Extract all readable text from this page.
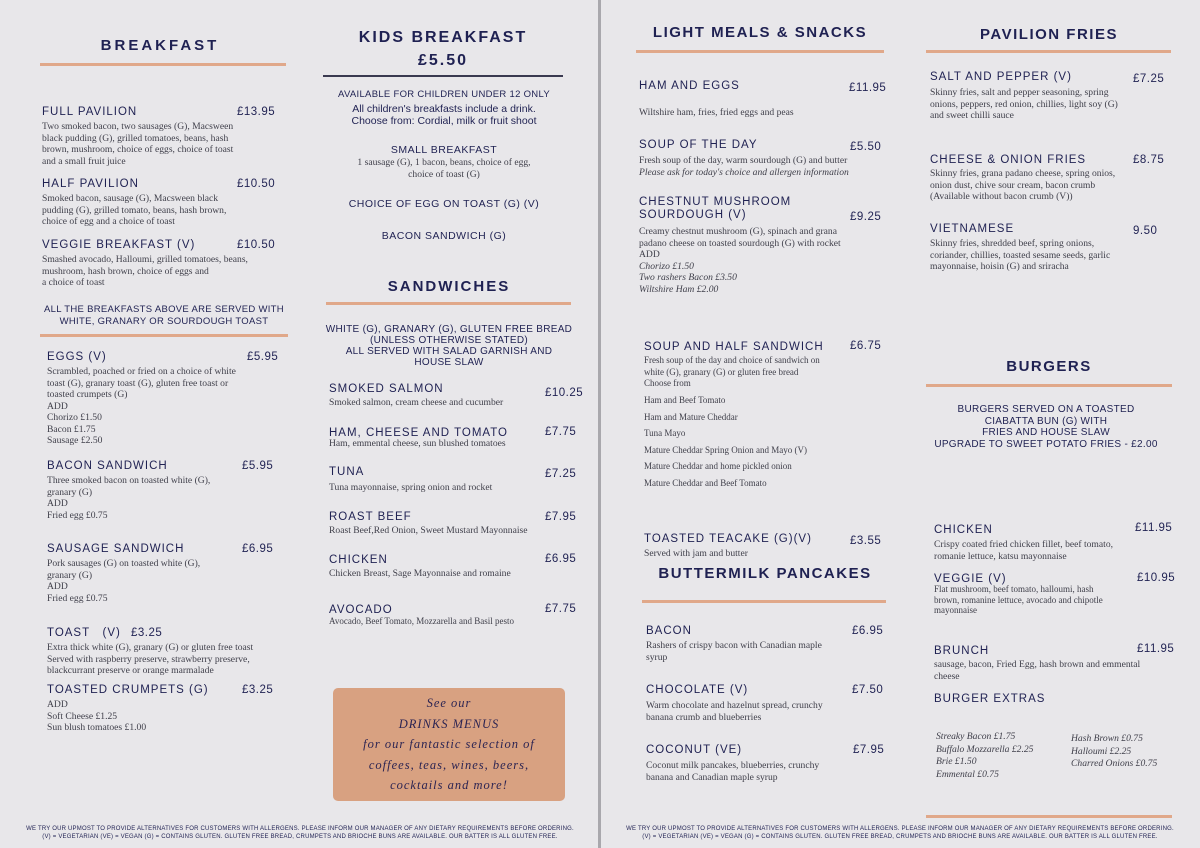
BREAKFAST
FULL PAVILION	£13.95
Two smoked bacon, two sausages (G), Macsween
black pudding (G), grilled tomatoes, beans, hash
brown, mushroom, choice of eggs, choice of toast
and a small fruit juice
HALF PAVILION	£10.50
Smoked bacon, sausage (G), Macsween black
pudding (G), grilled tomato, beans, hash brown,
choice of egg and a choice of toast
VEGGIE BREAKFAST (V)	£10.50
Smashed avocado, Halloumi, grilled tomatoes, beans,
mushroom, hash brown, choice of eggs and
a choice of toast
ALL THE BREAKFASTS ABOVE ARE SERVED WITH
WHITE, GRANARY OR SOURDOUGH TOAST
EGGS (V)	£5.95
Scrambled, poached or fried on a choice of white
toast (G), granary toast (G), gluten free toast or
toasted crumpets (G)
ADD
Chorizo £1.50
Bacon £1.75
Sausage £2.50
BACON SANDWICH	£5.95
Three smoked bacon on toasted white (G),
granary (G)
ADD
Fried egg £0.75
SAUSAGE SANDWICH	£6.95
Pork sausages (G) on toasted white (G),
granary (G)
ADD
Fried egg £0.75
TOAST   (V) £3.25
Extra thick white (G), granary (G) or gluten free toast
Served with raspberry preserve, strawberry preserve,
blackcurrant preserve or orange marmalade
TOASTED CRUMPETS (G)	£3.25
ADD
Soft Cheese £1.25
Sun blush tomatoes £1.00
KIDS BREAKFAST
£5.50
AVAILABLE FOR CHILDREN UNDER 12 ONLY
All children's breakfasts include a drink.
Choose from: Cordial, milk or fruit shoot
SMALL BREAKFAST
1 sausage (G), 1 bacon, beans, choice of egg,
choice of toast (G)
CHOICE OF EGG ON TOAST (G) (V)
BACON SANDWICH (G)
SANDWICHES
WHITE (G), GRANARY (G), GLUTEN FREE BREAD
(UNLESS OTHERWISE STATED)
ALL SERVED WITH SALAD GARNISH AND
HOUSE SLAW
SMOKED SALMON	£10.25
Smoked salmon, cream cheese and cucumber
HAM, CHEESE AND TOMATO	£7.75
Ham, emmental cheese, sun blushed tomatoes
TUNA	£7.25
Tuna mayonnaise, spring onion and rocket
ROAST BEEF	£7.95
Roast Beef,Red Onion, Sweet Mustard Mayonnaise
CHICKEN	£6.95
Chicken Breast, Sage Mayonnaise and romaine
AVOCADO	£7.75
Avocado, Beef Tomato, Mozzarella and Basil pesto
See our
DRINKS MENUS
for our fantastic selection of
coffees, teas, wines, beers,
cocktails and more!
WE TRY OUR UPMOST TO PROVIDE ALTERNATIVES FOR CUSTOMERS WITH ALLERGENS. PLEASE INFORM OUR MANAGER OF ANY DIETARY REQUIREMENTS BEFORE ORDERING.
(V) = VEGETARIAN (VE) = VEGAN (G) = CONTAINS GLUTEN. GLUTEN FREE BREAD, CRUMPETS AND BRIOCHE BUNS ARE AVAILABLE. OUR BATTER IS ALL GLUTEN FREE.
LIGHT MEALS & SNACKS
HAM AND EGGS	£11.95
Wiltshire ham, fries, fried eggs and peas
SOUP OF THE DAY	£5.50
Fresh soup of the day, warm sourdough (G) and butter
Please ask for today's choice and allergen information
CHESTNUT MUSHROOM
SOURDOUGH (V)	£9.25
Creamy chestnut mushroom (G), spinach and grana
padano cheese on toasted sourdough (G) with rocket
ADD
Chorizo £1.50
Two rashers Bacon £3.50
Wiltshire Ham £2.00
SOUP AND HALF SANDWICH £6.75
Fresh soup of the day and choice of sandwich on
white (G), granary (G) or gluten free bread
Choose from
Ham and Beef Tomato
Ham and Mature Cheddar
Tuna Mayo
Mature Cheddar Spring Onion and Mayo (V)
Mature Cheddar and home pickled onion
Mature Cheddar and Beef Tomato
TOASTED TEACAKE (G)(V)	£3.55
Served with jam and butter
BUTTERMILK PANCAKES
BACON	£6.95
Rashers of crispy bacon with Canadian maple
syrup
CHOCOLATE (V)	£7.50
Warm chocolate and hazelnut spread, crunchy
banana crumb and blueberries
COCONUT (VE)	£7.95
Coconut milk pancakes, blueberries, crunchy
banana and Canadian maple syrup
PAVILION FRIES
SALT AND PEPPER (V)	£7.25
Skinny fries, salt and pepper seasoning, spring
onions, peppers, red onion, chillies, light soy (G)
and sweet chilli sauce
CHEESE & ONION FRIES	£8.75
Skinny fries, grana padano cheese, spring onios,
onion dust, chive sour cream, bacon crumb
(Available without bacon crumb (V))
VIETNAMESE	9.50
Skinny fries, shredded beef, spring onions,
coriander, chillies, toasted sesame seeds, garlic
mayonnaise, hoisin (G) and sriracha
BURGERS
BURGERS SERVED ON A TOASTED
CIABATTA BUN (G) WITH
FRIES AND HOUSE SLAW
UPGRADE TO SWEET POTATO FRIES - £2.00
CHICKEN	£11.95
Crispy coated fried chicken fillet, beef tomato,
romanie lettuce, katsu mayonnaise
VEGGIE (V)	£10.95
Flat mushroom, beef tomato, halloumi, hash
brown, romanine lettuce, avocado and chipotle
mayonnaise
BRUNCH	£11.95
sausage, bacon, Fried Egg, hash brown and emmental
cheese
BURGER EXTRAS
Streaky Bacon £1.75
Buffalo Mozzarella £2.25
Brie £1.50
Emmental £0.75
Hash Brown £0.75
Halloumi £2.25
Charred Onions £0.75
WE TRY OUR UPMOST TO PROVIDE ALTERNATIVES FOR CUSTOMERS WITH ALLERGENS. PLEASE INFORM OUR MANAGER OF ANY DIETARY REQUIREMENTS BEFORE ORDERING.
(V) = VEGETARIAN (VE) = VEGAN (G) = CONTAINS GLUTEN. GLUTEN FREE BREAD, CRUMPETS AND BRIOCHE BUNS ARE AVAILABLE. OUR BATTER IS ALL GLUTEN FREE.
